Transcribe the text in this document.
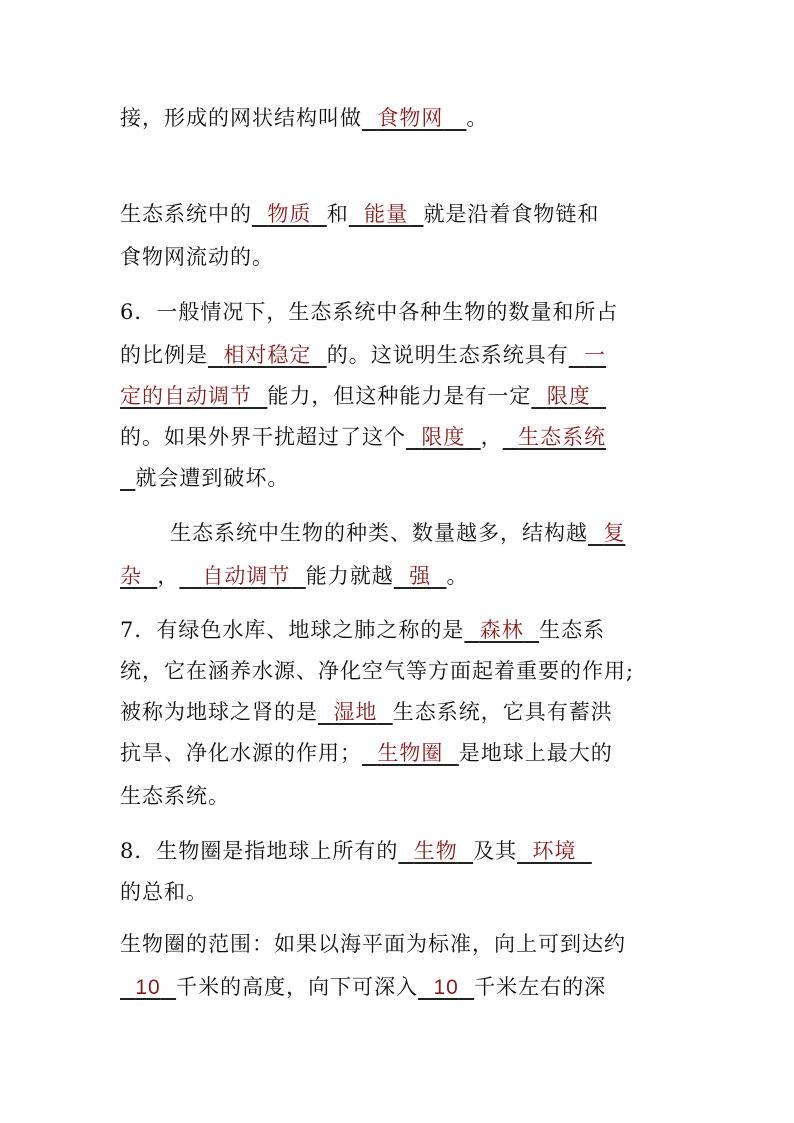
接，形成的网状结构叫做 食物网 。
生态系统中的 物质 和 能量 就是沿着食物链和
食物网流动的。
6．一般情况下，生态系统中各种生物的数量和所占
的比例是 相对稳定 的。这说明生态系统具有 一
定的自动调节 能力，但这种能力是有一定 限度
的。如果外界干扰超过了这个 限度 ， 生态系统
就会遭到破坏。
生态系统中生物的种类、数量越多，结构越 复
杂 ， 自动调节 能力就越 强 。
7．有绿色水库、地球之肺之称的是 森林 生态系
统，它在涵养水源、净化空气等方面起着重要的作用;
被称为地球之肾的是 湿地 生态系统，它具有蓄洪
抗旱、净化水源的作用； 生物圈 是地球上最大的
生态系统。
8．生物圈是指地球上所有的 生物 及其 环境
的总和。
生物圈的范围：如果以海平面为标准，向上可到达约
10 千米的高度，向下可深入 10 千米左右的深
